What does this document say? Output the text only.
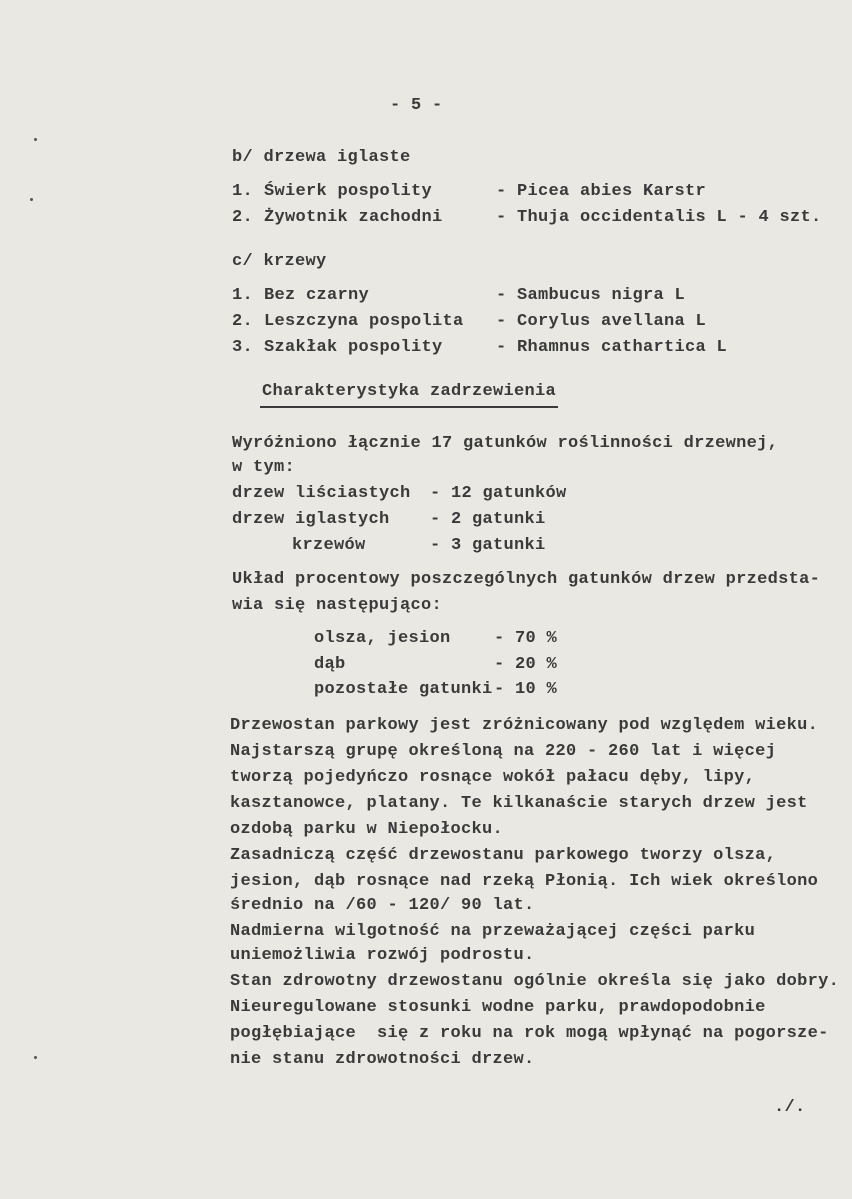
- 5 -
b/ drzewa iglaste
1. Świerk pospolity	- Picea abies Karstr
2. Żywotnik zachodni	- Thuja occidentalis L - 4 szt.
c/ krzewy
1. Bez czarny	- Sambucus nigra L
2. Leszczyna pospolita - Corylus avellana L
3. Szakłak pospolity	- Rhamnus cathartica L
Charakterystyka zadrzewienia
Wyróżniono łącznie 17 gatunków roślinności drzewnej,
w tym:
drzew liściastych - 12 gatunków
drzew iglastych - 2 gatunki
krzewów	- 3 gatunki
Układ procentowy poszczególnych gatunków drzew przedsta-
wia się następująco:
olsza, jesion	- 70 %
dąb	- 20 %
pozostałe gatunki - 10 %
Drzewostan parkowy jest zróżnicowany pod względem wieku.
Najstarszą grupę określoną na 220 - 260 lat i więcej
tworzą pojedyńczo rosnące wokół pałacu dęby, lipy,
kasztanowce, platany. Te kilkanaście starych drzew jest
ozdobą parku w Niepołocku.
Zasadniczą część drzewostanu parkowego tworzy olsza,
jesion, dąb rosnące nad rzeką Płonią. Ich wiek określono
średnio na /60 - 120/ 90 lat.
Nadmierna wilgotność na przeważającej części parku
uniemożliwia rozwój podrostu.
Stan zdrowotny drzewostanu ogólnie określa się jako dobry.
Nieuregulowane stosunki wodne parku, prawdopodobnie
pogłębiające  się z roku na rok mogą wpłynąć na pogorsze-
nie stanu zdrowotności drzew.
./.
